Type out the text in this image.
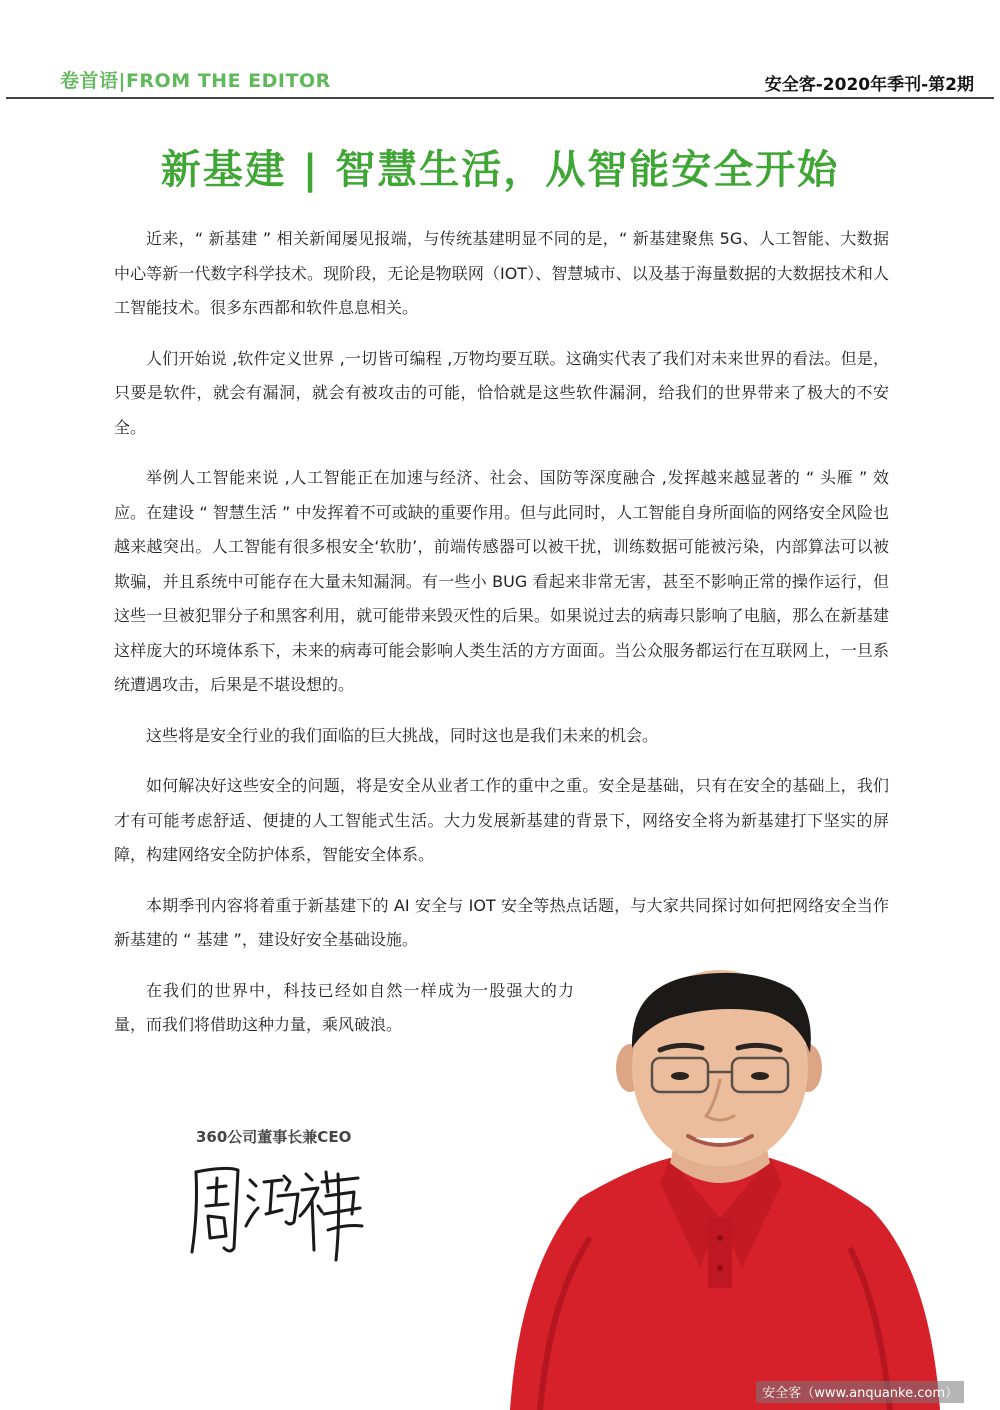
卷首语|FROM THE EDITOR	安全客-2020年季刊-第2期
新基建 | 智慧生活，从智能安全开始

近来，“ 新基建 ” 相关新闻屡见报端，与传统基建明显不同的是，“ 新基建聚焦 5G、人工智能、大数据中心等新一代数字科学技术。现阶段，无论是物联网（IOT）、智慧城市、以及基于海量数据的大数据技术和人工智能技术。很多东西都和软件息息相关。

人们开始说 ,软件定义世界 ,一切皆可编程 ,万物均要互联。这确实代表了我们对未来世界的看法。但是，只要是软件，就会有漏洞，就会有被攻击的可能，恰恰就是这些软件漏洞，给我们的世界带来了极大的不安全。

举例人工智能来说 ,人工智能正在加速与经济、社会、国防等深度融合 ,发挥越来越显著的 “ 头雁 ” 效应。在建设 “ 智慧生活 ” 中发挥着不可或缺的重要作用。但与此同时，人工智能自身所面临的网络安全风险也越来越突出。人工智能有很多根安全‘软肋’，前端传感器可以被干扰，训练数据可能被污染，内部算法可以被欺骗，并且系统中可能存在大量未知漏洞。有一些小 BUG 看起来非常无害，甚至不影响正常的操作运行，但这些一旦被犯罪分子和黑客利用，就可能带来毁灭性的后果。如果说过去的病毒只影响了电脑，那么在新基建这样庞大的环境体系下，未来的病毒可能会影响人类生活的方方面面。当公众服务都运行在互联网上，一旦系统遭遇攻击，后果是不堪设想的。

这些将是安全行业的我们面临的巨大挑战，同时这也是我们未来的机会。

如何解决好这些安全的问题，将是安全从业者工作的重中之重。安全是基础，只有在安全的基础上，我们才有可能考虑舒适、便捷的人工智能式生活。大力发展新基建的背景下，网络安全将为新基建打下坚实的屏障，构建网络安全防护体系，智能安全体系。

本期季刊内容将着重于新基建下的 AI 安全与 IOT 安全等热点话题，与大家共同探讨如何把网络安全当作新基建的 “ 基建 ”，建设好安全基础设施。

在我们的世界中，科技已经如自然一样成为一股强大的力量，而我们将借助这种力量，乘风破浪。

360公司董事长兼CEO
安全客（www.anquanke.com）
